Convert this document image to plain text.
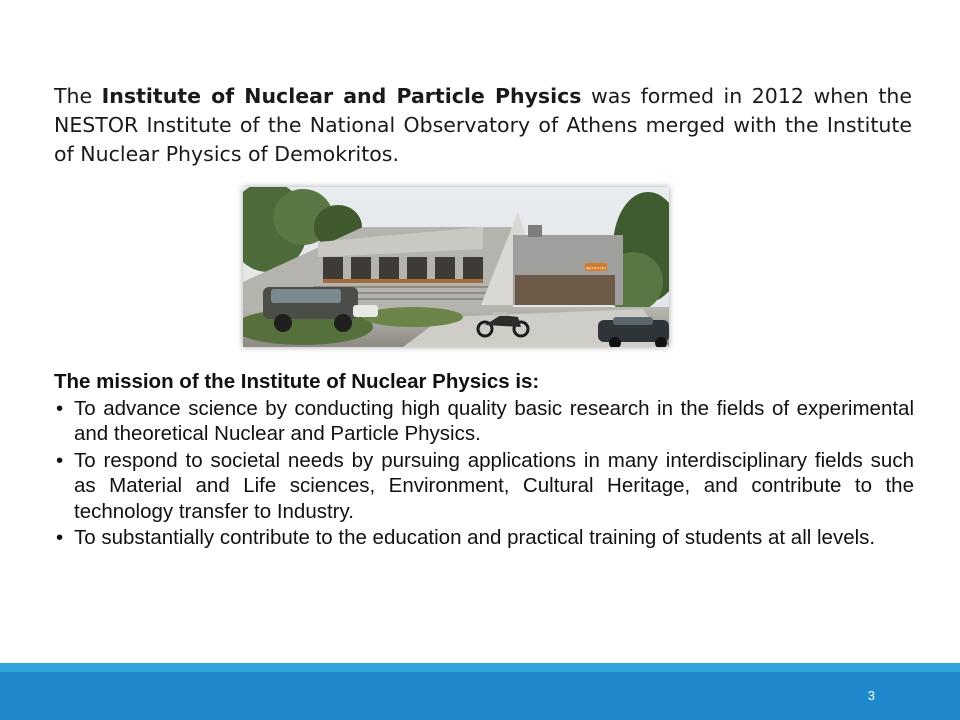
The Institute of Nuclear and Particle Physics was formed in 2012 when the NESTOR Institute of the National Observatory of Athens merged with the Institute of Nuclear Physics of Demokritos.

ΙΝΣΤΙΤΟΥΤΟ
The mission of the Institute of Nuclear Physics is:
• To advance science by conducting high quality basic research in the fields of experimental and theoretical Nuclear and Particle Physics.
• To respond to societal needs by pursuing applications in many interdisciplinary fields such as Material and Life sciences, Environment, Cultural Heritage, and contribute to the technology transfer to Industry.
• To substantially contribute to the education and practical training of students at all levels.
3
